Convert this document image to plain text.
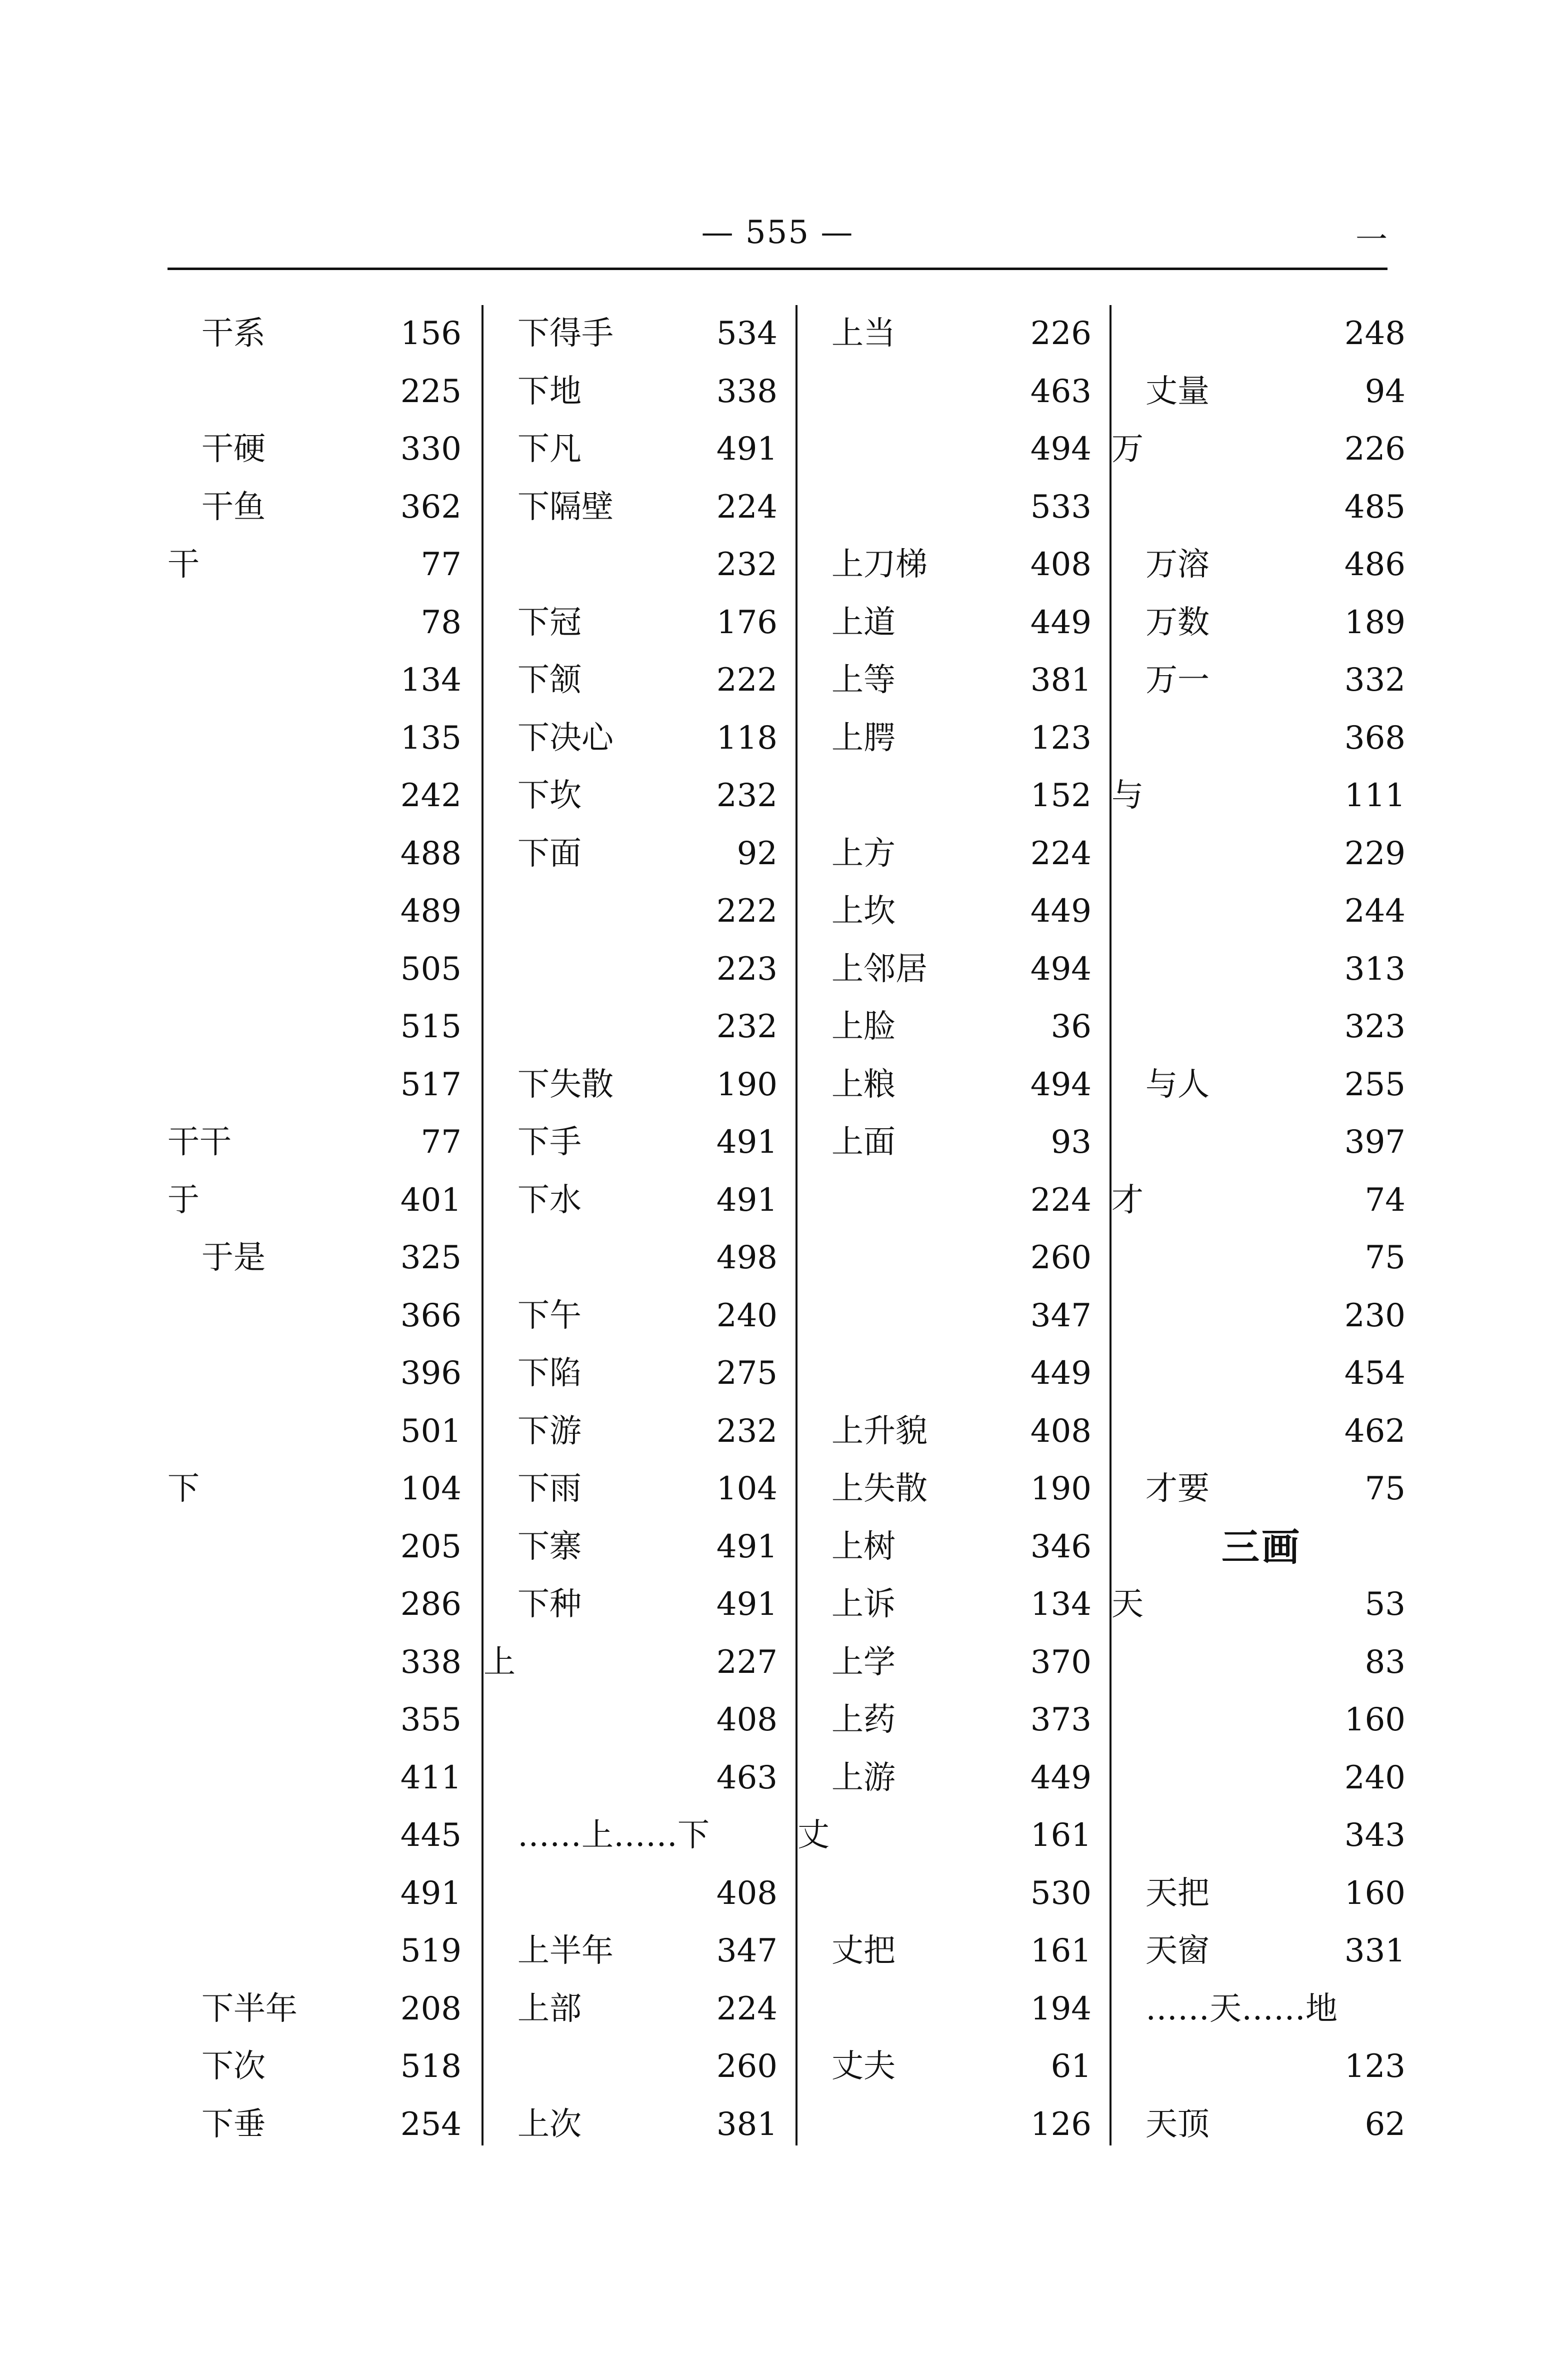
— 555 —	一
干系	156
225
干硬	330
干鱼	362
干	77
78
134
135
242
488
489
505
515
517
干干	77
于	401
于是	325
366
396
501
下	104
205
286
338
355
411
445
491
519
下半年	208
下次	518
下垂	254
下得手	534
下地	338
下凡	491
下隔壁	224
232
下冠	176
下颔	222
下决心	118
下坎	232
下面	92
222
223
232
下失散	190
下手	491
下水	491
498
下午	240
下陷	275
下游	232
下雨	104
下寨	491
下种	491
上	227
408
463
……上……下
408
上半年	347
上部	224
260
上次	381
上当	226
463
494
533
上刀梯	408
上道	449
上等	381
上腭	123
152
上方	224
上坎	449
上邻居	494
上脸	36
上粮	494
上面	93
224
260
347
449
上升貌	408
上失散	190
上树	346
上诉	134
上学	370
上药	373
上游	449
丈	161
530
丈把	161
194
丈夫	61
126
248
丈量	94
万	226
485
万溶	486
万数	189
万一	332
368
与	111
229
244
313
323
与人	255
397
才	74
75
230
454
462
才要	75
三画
天	53
83
160
240
343
天把	160
天窗	331
……天……地
123
天顶	62
